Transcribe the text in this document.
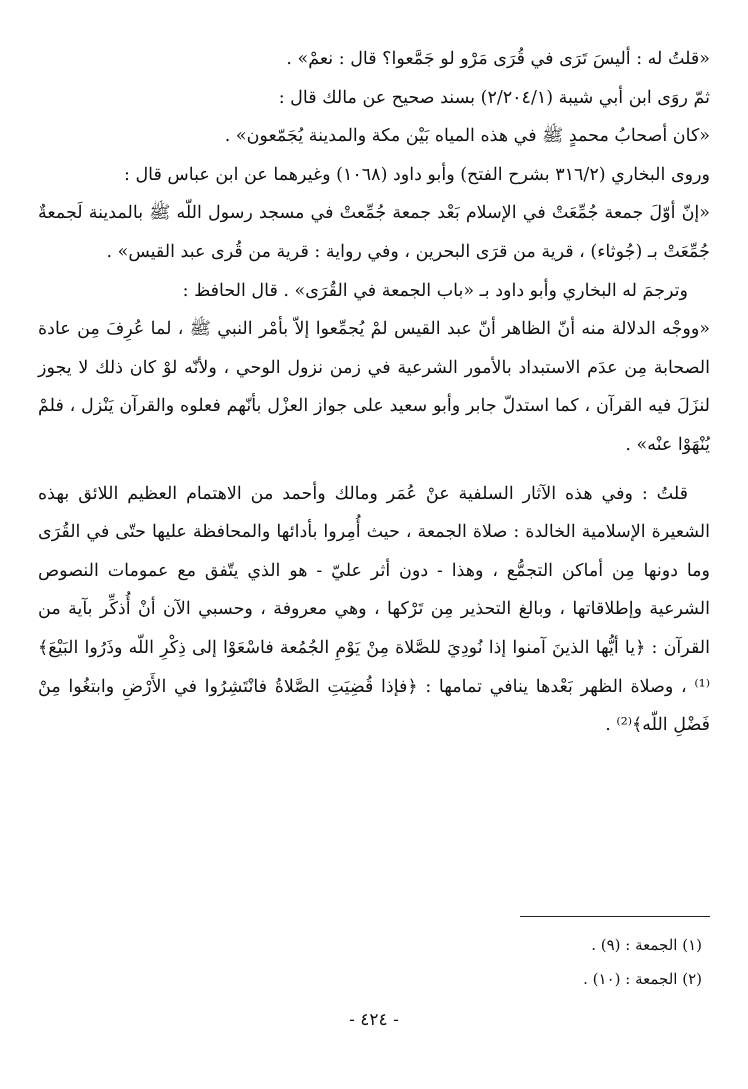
«قلتُ له : أليسَ تَرَى في قُرَى مَرْو لو جَمَّعوا؟ قال : نعمْ» .

ثمّ روَى ابن أبي شيبة (٢/٢٠٤/١) بسند صحيح عن مالك قال :

«كان أصحابُ محمدٍ ﷺ في هذه المياه بَيْن مكة والمدينة يُجَمّعون» .

وروى البخاري (٣١٦/٢ بشرح الفتح) وأبو داود (١٠٦٨) وغيرهما عن ابن عباس قال :

«إنّ أوّلَ جمعة جُمِّعَتْ في الإسلام بَعْد جمعة جُمِّعتْ في مسجد رسول اللّه ﷺ بالمدينة لَجمعةٌ جُمِّعَتْ بـ (جُوثاء) ، قرية من قرَى البحرين ، وفي رواية : قرية من قُرى عبد القيس» .

وترجمَ له البخاري وأبو داود بـ «باب الجمعة في القُرَى» . قال الحافظ :

«ووجْه الدلالة منه أنّ الظاهر أنّ عبد القيس لمْ يُجمِّعوا إلاّ بأمْر النبي ﷺ ، لما عُرِفَ مِن عادة الصحابة مِن عدَم الاستبداد بالأمور الشرعية في زمن نزول الوحي ، ولأنّه لوْ كان ذلك لا يجوز لنزَلَ فيه القرآن ، كما استدلّ جابر وأبو سعيد على جواز العزْل بأنّهم فعلوه والقرآن يَنْزل ، فلمْ يُنْهَوْا عنْه» .

قلتُ : وفي هذه الآثار السلفية عنْ عُمَر ومالك وأحمد من الاهتمام العظيم اللائق بهذه الشعيرة الإسلامية الخالدة : صلاة الجمعة ، حيث أُمِروا بأدائها والمحافظة عليها حتّى في القُرَى وما دونها مِن أماكن التجمُّع ، وهذا - دون أثر عليّ - هو الذي يتّفق مع عمومات النصوص الشرعية وإطلاقاتها ، وبالغ التحذير مِن تَرْكها ، وهي معروفة ، وحسبي الآن أنْ أُذكِّر بآية من القرآن : ﴿يا أيُّها الذينَ آمنوا إذا نُودِيَ للصَّلاة مِنْ يَوْمِ الجُمُعة فاسْعَوْا إلى ذِكْرِ اللّه وذَرُوا البَيْعَ﴾⁽¹⁾ ، وصلاة الظهر بَعْدها ينافي تمامها : ﴿فإذا قُضِيَتِ الصَّلاةُ فانْتَشِرُوا في الأَرْضِ وابتغُوا مِنْ فَضْلِ اللّه﴾⁽²⁾ .

(١) الجمعة : (٩) .

(٢) الجمعة : (١٠) .

- ٤٢٤ -
